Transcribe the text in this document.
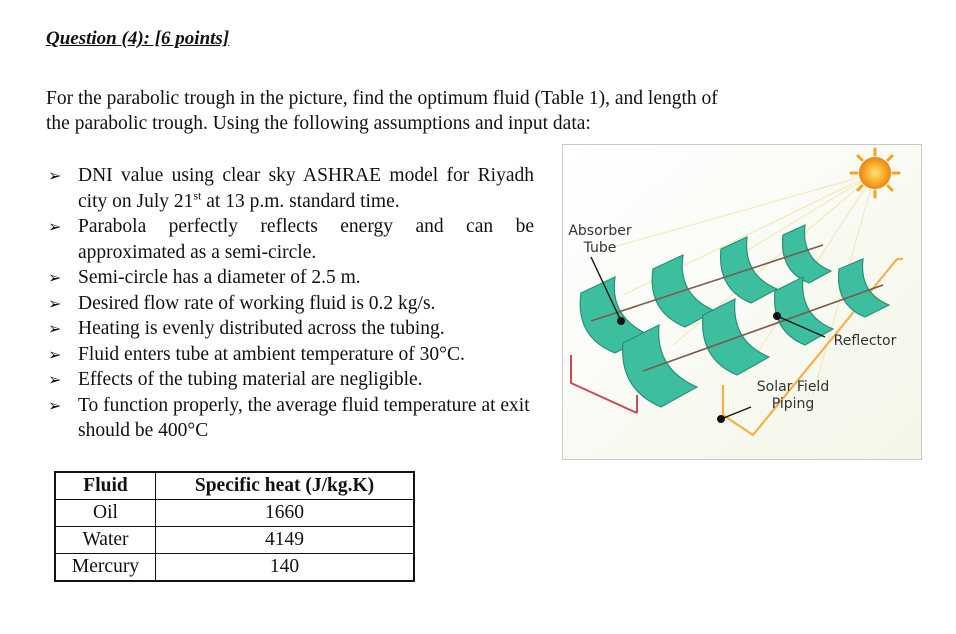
Question (4): [6 points]
For the parabolic trough in the picture, find the optimum fluid (Table 1), and length of
the parabolic trough. Using the following assumptions and input data:
➢ DNI value using clear sky ASHRAE model for Riyadh city on July 21st at 13 p.m. standard time.
➢ Parabola perfectly reflects energy and can be approximated as a semi-circle.
➢ Semi-circle has a diameter of 2.5 m.
➢ Desired flow rate of working fluid is 0.2 kg/s.
➢ Heating is evenly distributed across the tubing.
➢ Fluid enters tube at ambient temperature of 30°C.
➢ Effects of the tubing material are negligible.
➢ To function properly, the average fluid temperature at exit should be 400°C
Fluid	Specific heat (J/kg.K)
Oil	1660
Water	4149
Mercury	140
Absorber
Tube
Reflector
Solar Field
Piping
